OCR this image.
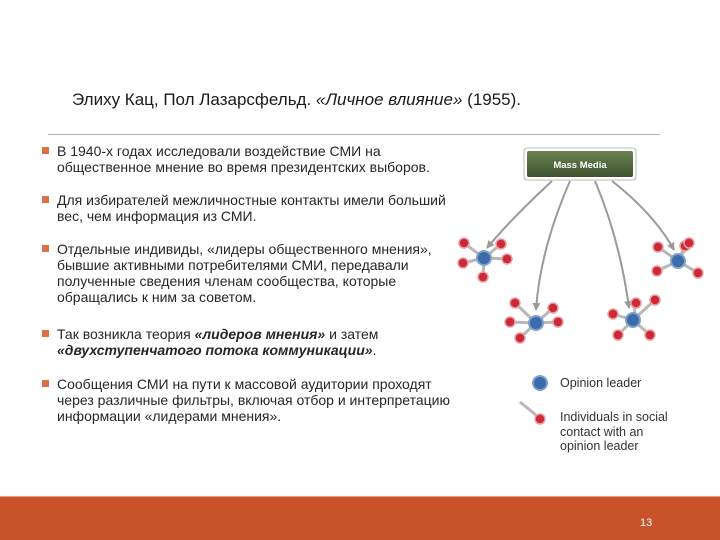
Элиху Кац, Пол Лазарсфельд. «Личное влияние» (1955).
В 1940-х годах исследовали воздействие СМИ на общественное мнение во время президентских выборов.
Для избирателей межличностные контакты имели больший вес, чем информация из СМИ.
Отдельные индивиды, «лидеры общественного мнения», бывшие активными потребителями СМИ, передавали полученные сведения членам сообщества, которые обращались к ним за советом.
Так возникла теория «лидеров мнения» и затем «двухступенчатого потока коммуникации».
Сообщения СМИ на пути к массовой аудитории проходят через различные фильтры, включая отбор и интерпретацию информации «лидерами мнения».
Mass Media
Opinion leader
Individuals in social
contact with an
opinion leader
13
